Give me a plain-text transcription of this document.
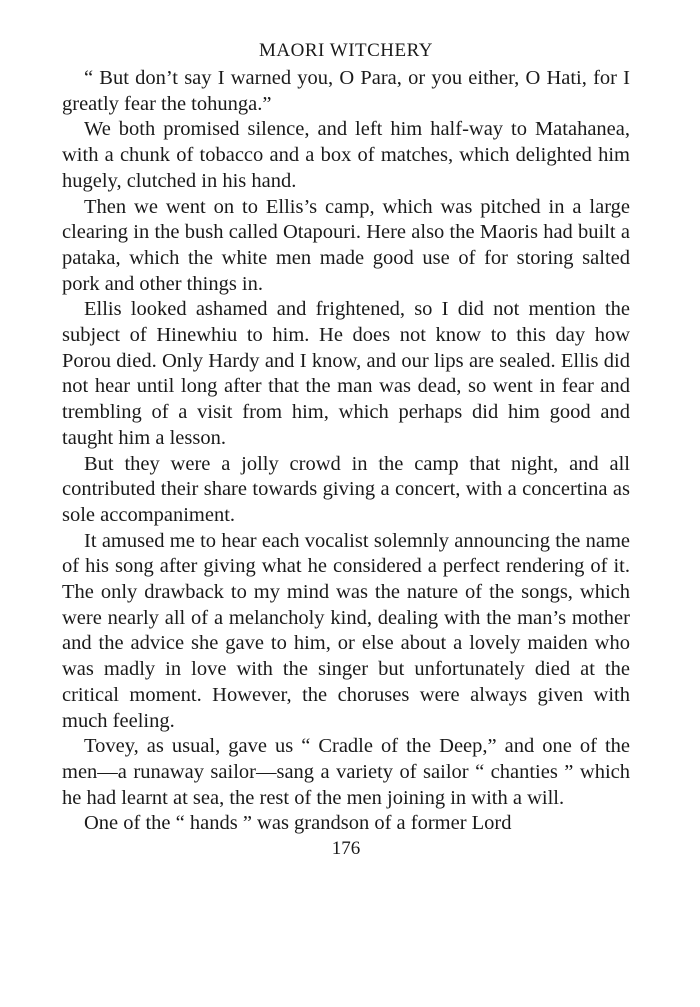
MAORI WITCHERY

“ But don’t say I warned you, O Para, or you either, O Hati, for I greatly fear the tohunga.”

We both promised silence, and left him half-way to Matahanea, with a chunk of tobacco and a box of matches, which delighted him hugely, clutched in his hand.

Then we went on to Ellis’s camp, which was pitched in a large clearing in the bush called Otapouri. Here also the Maoris had built a pataka, which the white men made good use of for storing salted pork and other things in.

Ellis looked ashamed and frightened, so I did not mention the subject of Hinewhiu to him. He does not know to this day how Porou died. Only Hardy and I know, and our lips are sealed. Ellis did not hear until long after that the man was dead, so went in fear and trembling of a visit from him, which perhaps did him good and taught him a lesson.

But they were a jolly crowd in the camp that night, and all contributed their share towards giving a concert, with a concertina as sole accompaniment.

It amused me to hear each vocalist solemnly announcing the name of his song after giving what he considered a perfect rendering of it. The only drawback to my mind was the nature of the songs, which were nearly all of a melancholy kind, dealing with the man’s mother and the advice she gave to him, or else about a lovely maiden who was madly in love with the singer but unfortunately died at the critical moment. However, the choruses were always given with much feeling.

Tovey, as usual, gave us “ Cradle of the Deep,” and one of the men—a runaway sailor—sang a variety of sailor “ chanties ” which he had learnt at sea, the rest of the men joining in with a will.

One of the “ hands ” was grandson of a former Lord

176
